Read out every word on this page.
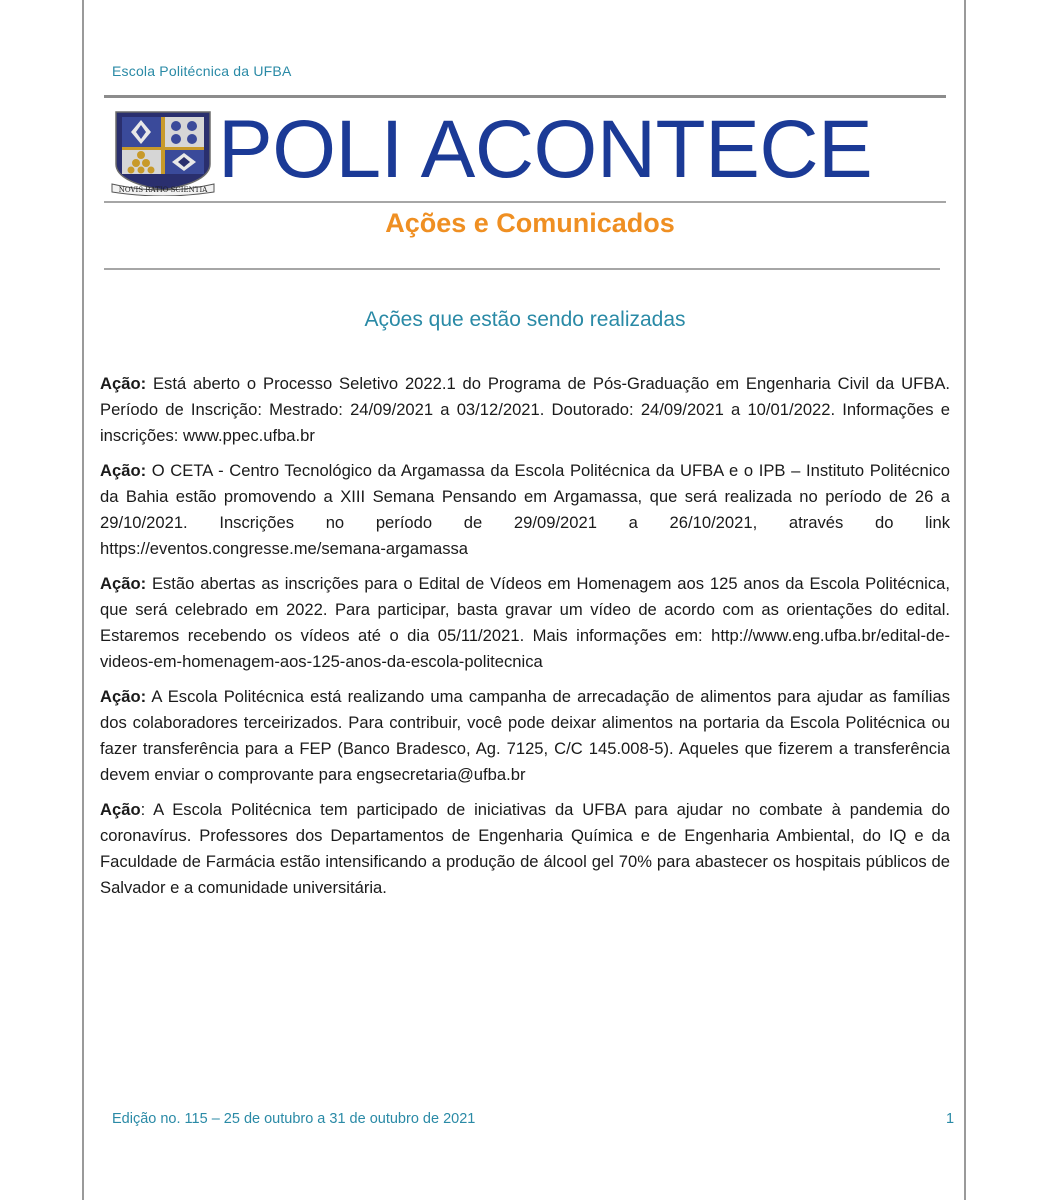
Escola Politécnica da UFBA
NOVIS RATIO SCIENTIA POLI ACONTECE
Ações e Comunicados
Ações que estão sendo realizadas

Ação: Está aberto o Processo Seletivo 2022.1 do Programa de Pós-Graduação em Engenharia Civil da UFBA. Período de Inscrição: Mestrado: 24/09/2021 a 03/12/2021. Doutorado: 24/09/2021 a 10/01/2022. Informações e inscrições: www.ppec.ufba.br

Ação: O CETA - Centro Tecnológico da Argamassa da Escola Politécnica da UFBA e o IPB – Instituto Politécnico da Bahia estão promovendo a XIII Semana Pensando em Argamassa, que será realizada no período de 26 a 29/10/2021. Inscrições no período de 29/09/2021 a 26/10/2021, através do link https://eventos.congresse.me/semana-argamassa

Ação: Estão abertas as inscrições para o Edital de Vídeos em Homenagem aos 125 anos da Escola Politécnica, que será celebrado em 2022. Para participar, basta gravar um vídeo de acordo com as orientações do edital. Estaremos recebendo os vídeos até o dia 05/11/2021. Mais informações em: http://www.eng.ufba.br/edital-de-videos-em-homenagem-aos-125-anos-da-escola-politecnica

Ação: A Escola Politécnica está realizando uma campanha de arrecadação de alimentos para ajudar as famílias dos colaboradores terceirizados. Para contribuir, você pode deixar alimentos na portaria da Escola Politécnica ou fazer transferência para a FEP (Banco Bradesco, Ag. 7125, C/C 145.008-5). Aqueles que fizerem a transferência devem enviar o comprovante para engsecretaria@ufba.br

Ação: A Escola Politécnica tem participado de iniciativas da UFBA para ajudar no combate à pandemia do coronavírus. Professores dos Departamentos de Engenharia Química e de Engenharia Ambiental, do IQ e da Faculdade de Farmácia estão intensificando a produção de álcool gel 70% para abastecer os hospitais públicos de Salvador e a comunidade universitária.

Edição no. 115 – 25 de outubro a 31 de outubro de 2021	1
